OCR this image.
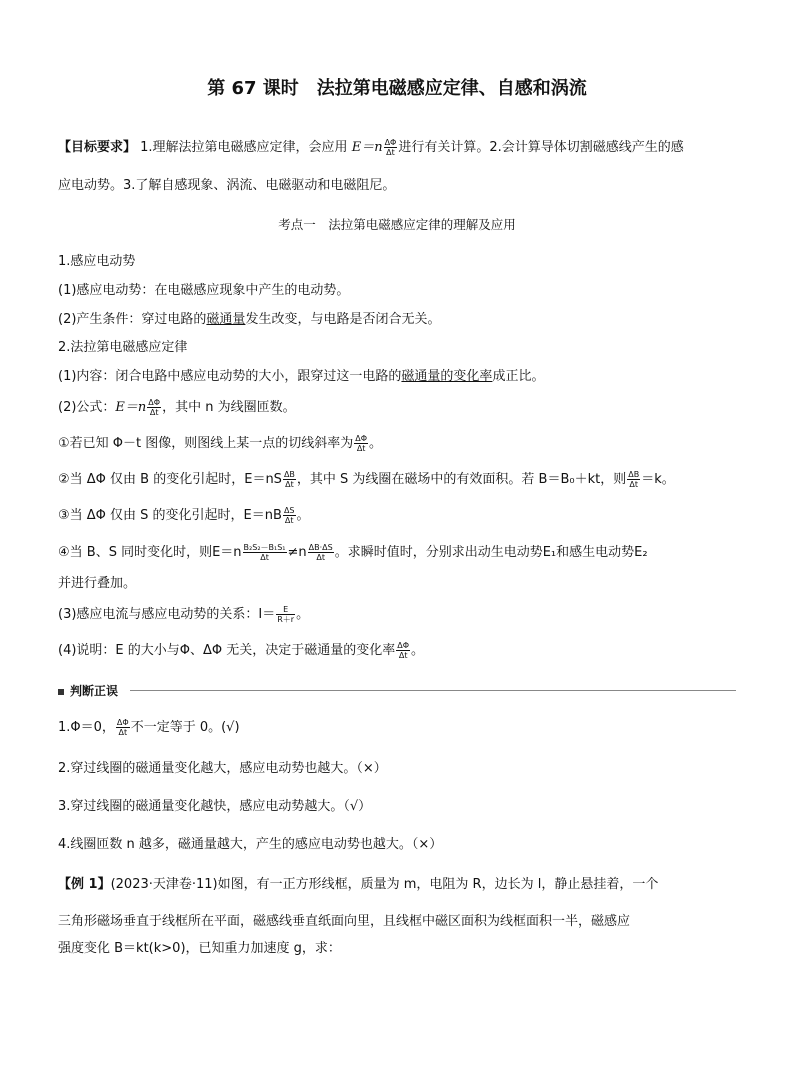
第 67 课时　法拉第电磁感应定律、自感和涡流
【目标要求】 1.理解法拉第电磁感应定律，会应用 $E=n \frac{\Delta\Phi}{\Delta t}$ 进行有关计算。2.会计算导体切割磁感线产生的感
应电动势。3.了解自感现象、涡流、电磁驱动和电磁阻尼。
考点一　法拉第电磁感应定律的理解及应用
1.感应电动势
(1)感应电动势：在电磁感应现象中产生的电动势。
(2)产生条件：穿过电路的磁通量发生改变，与电路是否闭合无关。
2.法拉第电磁感应定律
(1)内容：闭合电路中感应电动势的大小，跟穿过这一电路的磁通量的变化率成正比。
(2)公式：$E=n \frac{\Delta\Phi}{\Delta t}$ ，其中 n 为线圈匝数。
①若已知 Φ－t 图像，则图线上某一点的切线斜率为 $\frac{\Delta\Phi}{\Delta t}$ 。
②当 ΔΦ 仅由 B 的变化引起时，$E=nS \frac{\Delta B}{\Delta t}$ ，其中 S 为线圈在磁场中的有效面积。若 B＝B₀＋kt，则 $\frac{\Delta B}{\Delta t} =k$。
③当 ΔΦ 仅由 S 的变化引起时，$E=nB \frac{\Delta S}{\Delta t}$ 。
④当 B、S 同时变化时，则$E=n \frac{\text{B₂S₂－B₁S₁}}{\Delta t} \ne n \frac{\Delta B\cdot\Delta S}{\Delta t}$ 。求瞬时值时，分别求出动生电动势E₁和感生电动势E₂
并进行叠加。
(3)感应电流与感应电动势的关系：$I= \frac{E}{R+r}$ 。
(4)说明：E 的大小与Φ、ΔΦ 无关，决定于磁通量的变化率 $\frac{\Delta\Phi}{\Delta t}$ 。
判断正误
1.Φ＝0， $\frac{\Delta\Phi}{\Delta t}$ 不一定等于 0。(√)
2.穿过线圈的磁通量变化越大，感应电动势也越大。（×）
3.穿过线圈的磁通量变化越快，感应电动势越大。（√）
4.线圈匝数 n 越多，磁通量越大，产生的感应电动势也越大。（×）
【例 1】(2023·天津卷·11)如图，有一正方形线框，质量为 m，电阻为 R，边长为 l，静止悬挂着，一个
三角形磁场垂直于线框所在平面，磁感线垂直纸面向里，且线框中磁区面积为线框面积一半，磁感应
强度变化 B＝kt(k>0)，已知重力加速度 g，求：
